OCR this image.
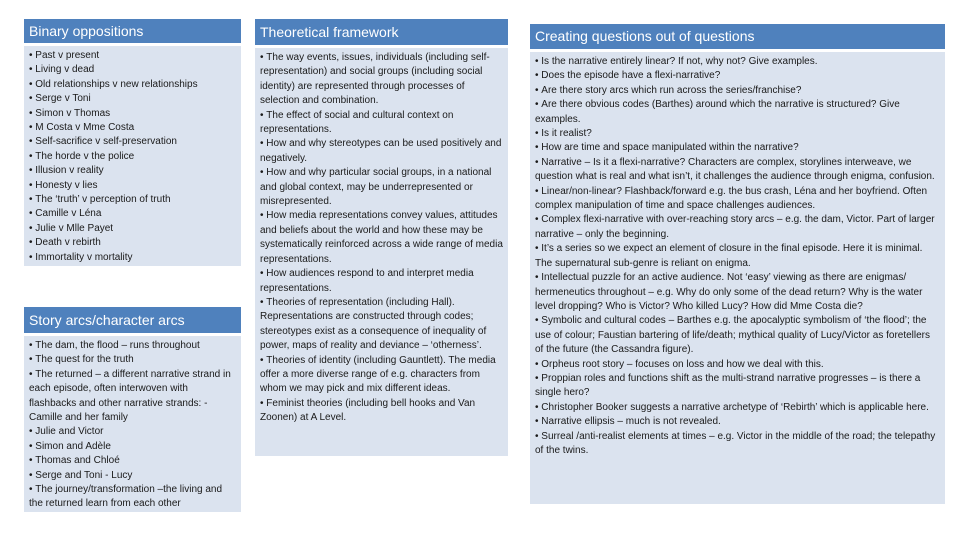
Binary oppositions
• Past v present
• Living v dead
• Old relationships v new relationships
• Serge v Toni
• Simon v Thomas
• M Costa v Mme Costa
• Self-sacrifice v self-preservation
• The horde v the police
• Illusion v reality
• Honesty v lies
• The ‘truth’ v perception of truth
• Camille v Léna
• Julie v Mlle Payet
• Death v rebirth
• Immortality v mortality
Story arcs/character arcs
• The dam, the flood – runs throughout
• The quest for the truth
• The returned – a different narrative strand in each episode, often interwoven with flashbacks and other narrative strands: - Camille and her family
• Julie and Victor
• Simon and Adèle
• Thomas and Chloé
• Serge and Toni - Lucy
• The journey/transformation –the living and the returned learn from each other
Theoretical framework
• The way events, issues, individuals (including self-representation) and social groups (including social identity) are represented through processes of selection and combination.
• The effect of social and cultural context on representations.
• How and why stereotypes can be used positively and negatively.
• How and why particular social groups, in a national and global context, may be underrepresented or misrepresented.
• How media representations convey values, attitudes and beliefs about the world and how these may be systematically reinforced across a wide range of media representations.
• How audiences respond to and interpret media representations.
• Theories of representation (including Hall). Representations are constructed through codes; stereotypes exist as a consequence of inequality of power, maps of reality and deviance – ‘otherness’.
• Theories of identity (including Gauntlett). The media offer a more diverse range of e.g. characters from whom we may pick and mix different ideas.
• Feminist theories (including bell hooks and Van Zoonen) at A Level.
Creating questions out of questions
• Is the narrative entirely linear? If not, why not? Give examples.
• Does the episode have a flexi-narrative?
• Are there story arcs which run across the series/franchise?
• Are there obvious codes (Barthes) around which the narrative is structured? Give examples.
• Is it realist?
• How are time and space manipulated within the narrative?
• Narrative – Is it a flexi-narrative? Characters are complex, storylines interweave, we question what is real and what isn’t, it challenges the audience through enigma, confusion.
• Linear/non-linear? Flashback/forward e.g. the bus crash, Léna and her boyfriend. Often complex manipulation of time and space challenges audiences.
• Complex flexi-narrative with over-reaching story arcs – e.g. the dam, Victor. Part of larger narrative – only the beginning.
• It’s a series so we expect an element of closure in the final episode. Here it is minimal. The supernatural sub-genre is reliant on enigma.
• Intellectual puzzle for an active audience. Not ‘easy’ viewing as there are enigmas/ hermeneutics throughout – e.g. Why do only some of the dead return? Why is the water level dropping? Who is Victor? Who killed Lucy? How did Mme Costa die?
• Symbolic and cultural codes – Barthes e.g. the apocalyptic symbolism of ‘the flood’; the use of colour; Faustian bartering of life/death; mythical quality of Lucy/Victor as foretellers of the future (the Cassandra figure).
• Orpheus root story – focuses on loss and how we deal with this.
• Proppian roles and functions shift as the multi-strand narrative progresses – is there a single hero?
• Christopher Booker suggests a narrative archetype of ‘Rebirth’ which is applicable here.
• Narrative ellipsis – much is not revealed.
• Surreal /anti-realist elements at times – e.g. Victor in the middle of the road; the telepathy of the twins.
